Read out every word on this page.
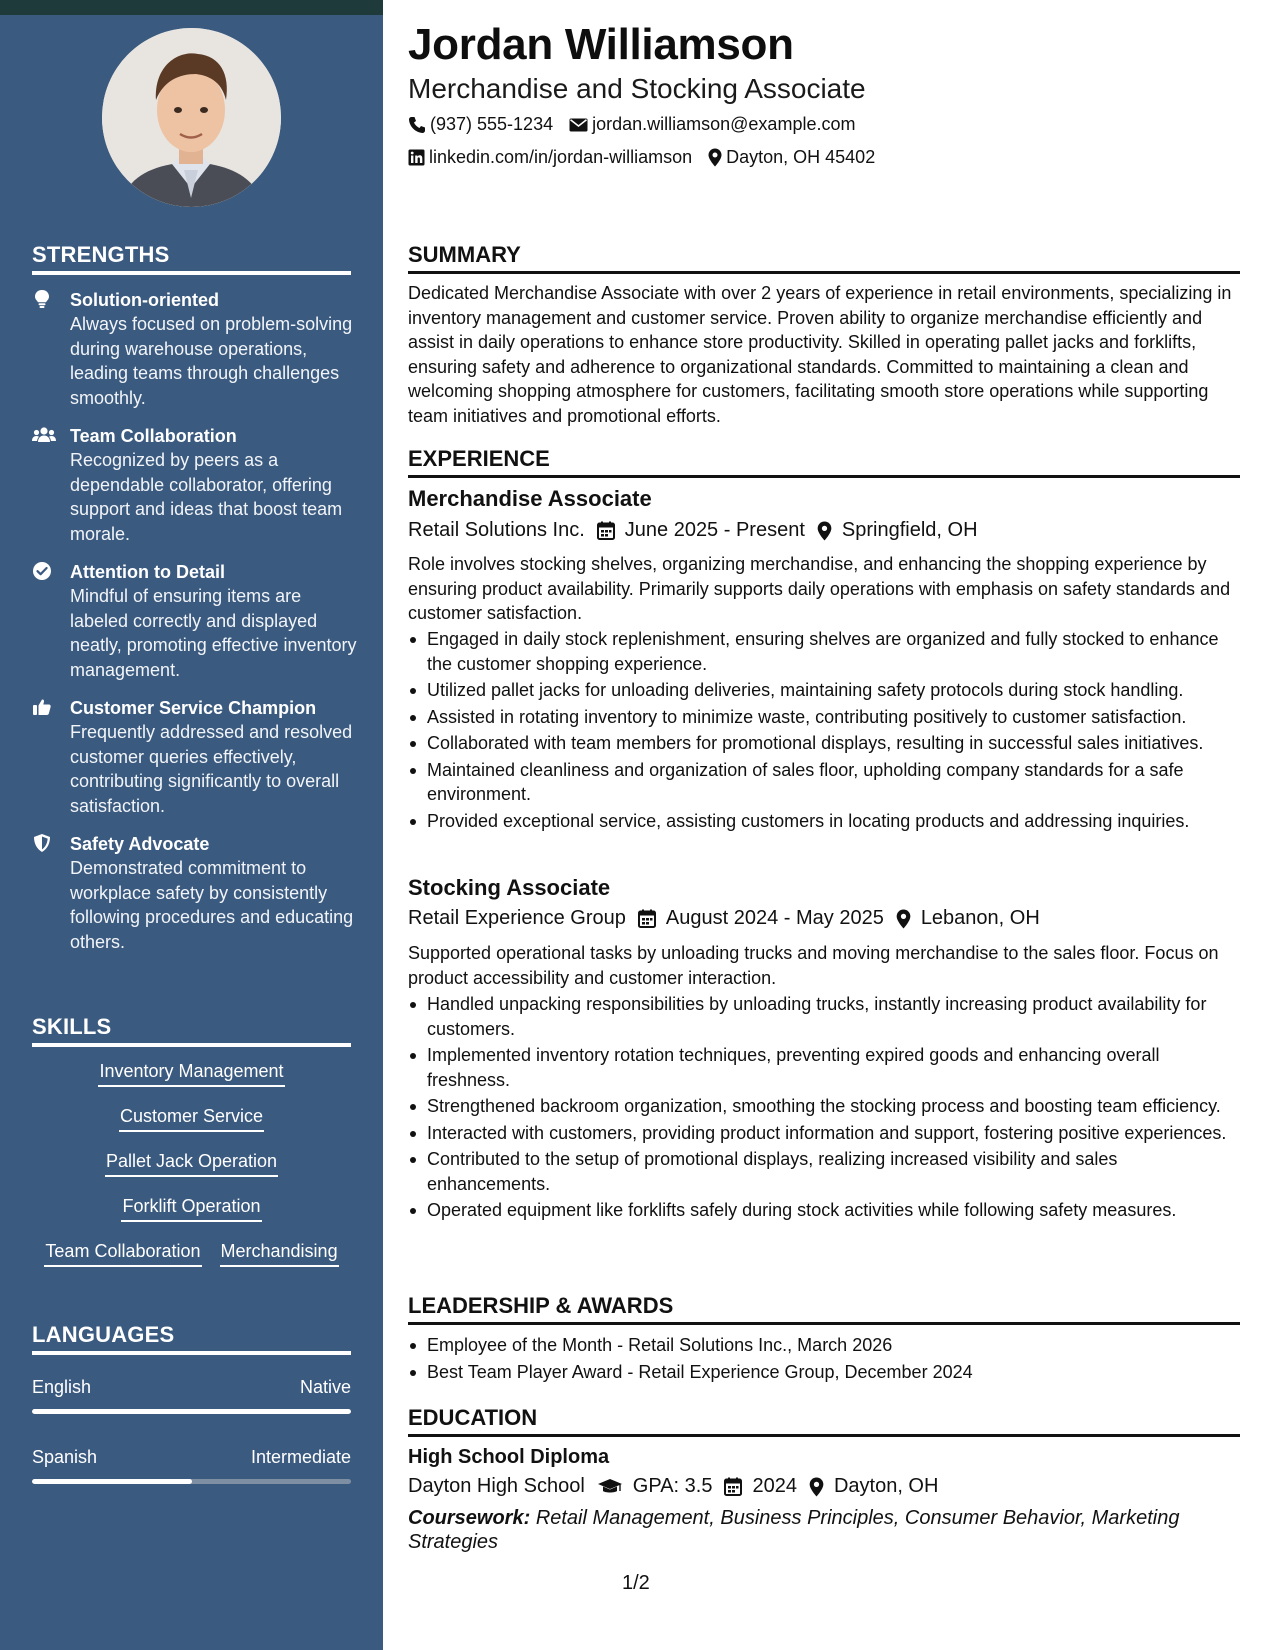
STRENGTHS
Solution-oriented
Always focused on problem-solving during warehouse operations, leading teams through challenges smoothly.
Team Collaboration
Recognized by peers as a dependable collaborator, offering support and ideas that boost team morale.
Attention to Detail
Mindful of ensuring items are labeled correctly and displayed neatly, promoting effective inventory management.
Customer Service Champion
Frequently addressed and resolved customer queries effectively, contributing significantly to overall satisfaction.
Safety Advocate
Demonstrated commitment to workplace safety by consistently following procedures and educating others.
SKILLS
Inventory Management
Customer Service
Pallet Jack Operation
Forklift Operation
Team Collaboration Merchandising
LANGUAGES
English	Native
Spanish	Intermediate
Jordan Williamson
Merchandise and Stocking Associate
(937) 555-1234 jordan.williamson@example.com
linkedin.com/in/jordan-williamson Dayton, OH 45402
SUMMARY
Dedicated Merchandise Associate with over 2 years of experience in retail environments, specializing in inventory management and customer service. Proven ability to organize merchandise efficiently and assist in daily operations to enhance store productivity. Skilled in operating pallet jacks and forklifts, ensuring safety and adherence to organizational standards. Committed to maintaining a clean and welcoming shopping atmosphere for customers, facilitating smooth store operations while supporting team initiatives and promotional efforts.
EXPERIENCE
Merchandise Associate
Retail Solutions Inc. June 2025 - Present Springfield, OH
Role involves stocking shelves, organizing merchandise, and enhancing the shopping experience by ensuring product availability. Primarily supports daily operations with emphasis on safety standards and customer satisfaction.
Engaged in daily stock replenishment, ensuring shelves are organized and fully stocked to enhance the customer shopping experience.
Utilized pallet jacks for unloading deliveries, maintaining safety protocols during stock handling.
Assisted in rotating inventory to minimize waste, contributing positively to customer satisfaction.
Collaborated with team members for promotional displays, resulting in successful sales initiatives.
Maintained cleanliness and organization of sales floor, upholding company standards for a safe environment.
Provided exceptional service, assisting customers in locating products and addressing inquiries.
Stocking Associate
Retail Experience Group August 2024 - May 2025 Lebanon, OH
Supported operational tasks by unloading trucks and moving merchandise to the sales floor. Focus on product accessibility and customer interaction.
Handled unpacking responsibilities by unloading trucks, instantly increasing product availability for customers.
Implemented inventory rotation techniques, preventing expired goods and enhancing overall freshness.
Strengthened backroom organization, smoothing the stocking process and boosting team efficiency.
Interacted with customers, providing product information and support, fostering positive experiences.
Contributed to the setup of promotional displays, realizing increased visibility and sales enhancements.
Operated equipment like forklifts safely during stock activities while following safety measures.
LEADERSHIP & AWARDS
Employee of the Month - Retail Solutions Inc., March 2026
Best Team Player Award - Retail Experience Group, December 2024
EDUCATION
High School Diploma
Dayton High School GPA: 3.5 2024 Dayton, OH
Coursework: Retail Management, Business Principles, Consumer Behavior, Marketing Strategies
1/2
